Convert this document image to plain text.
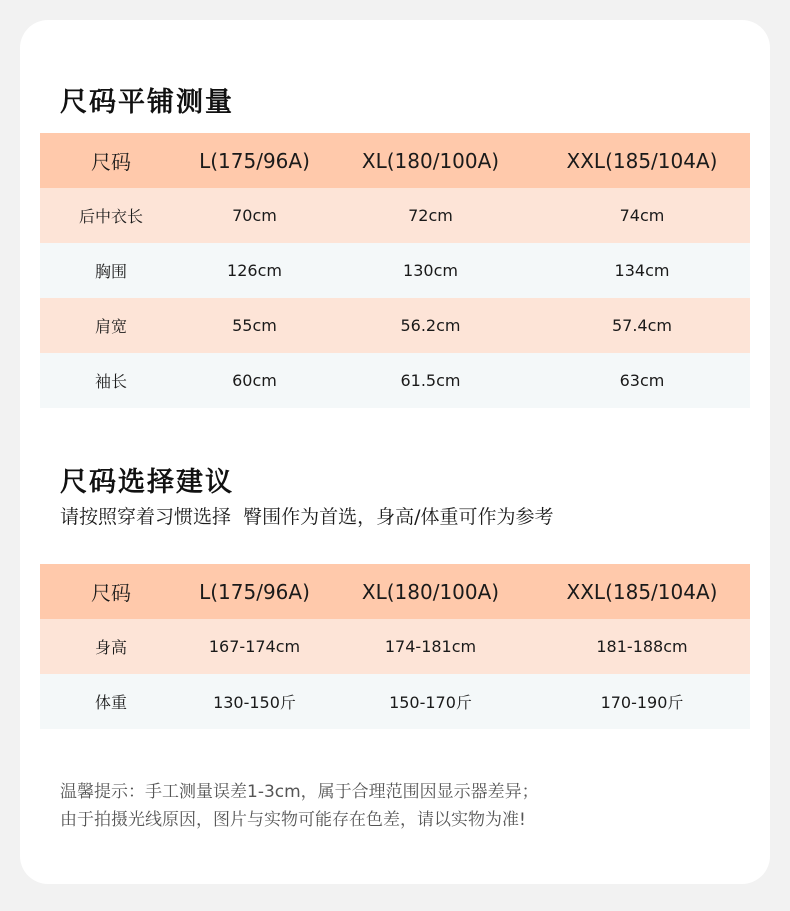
尺码平铺测量
尺码	L(175/96A)	XL(180/100A)	XXL(185/104A)
后中衣长	70cm	72cm	74cm
胸围	126cm	130cm	134cm
肩宽	55cm	56.2cm	57.4cm
袖长	60cm	61.5cm	63cm
尺码选择建议
请按照穿着习惯选择  臀围作为首选，身高/体重可作为参考
尺码	L(175/96A)	XL(180/100A)	XXL(185/104A)
身高	167-174cm	174-181cm	181-188cm
体重	130-150斤	150-170斤	170-190斤
温馨提示：手工测量误差1-3cm，属于合理范围因显示器差异；
由于拍摄光线原因，图片与实物可能存在色差，请以实物为准!
